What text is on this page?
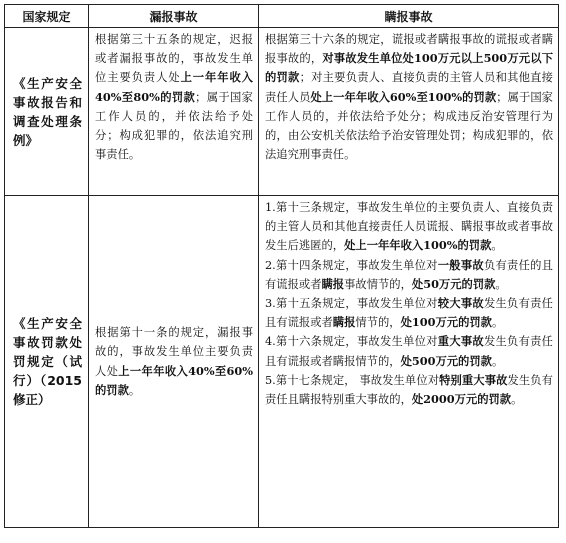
国家规定	漏报事故	瞒报事故

《生产安全事故报告和调查处理条例》	根据第三十五条的规定，迟报或者漏报事故的，事故发生单位主要负责人处上一年年收入40%至80%的罚款；属于国家工作人员的，并依法给予处分；构成犯罪的，依法追究刑事责任。	根据第三十六条的规定，谎报或者瞒报事故的谎报或者瞒报事故的，对事故发生单位处100万元以上500万元以下的罚款；对主要负责人、直接负责的主管人员和其他直接责任人员处上一年年收入60%至100%的罚款；属于国家工作人员的，并依法给予处分；构成违反治安管理行为的，由公安机关依法给予治安管理处罚；构成犯罪的，依法追究刑事责任。

《生产安全事故罚款处罚规定（试行）（2015修正）	根据第十一条的规定，漏报事故的，事故发生单位主要负责人处上一年年收入40%至60%的罚款。	1.第十三条规定，事故发生单位的主要负责人、直接负责的主管人员和其他直接责任人员谎报、瞒报事故或者事故发生后逃匿的，处上一年年收入100%的罚款。

2.第十四条规定，事故发生单位对一般事故负有责任的且有谎报或者瞒报事故情节的，处50万元的罚款。

3.第十五条规定，事故发生单位对较大事故发生负有责任且有谎报或者瞒报情节的，处100万元的罚款。

4.第十六条规定，事故发生单位对重大事故发生负有责任且有谎报或者瞒报情节的，处500万元的罚款。

5.第十七条规定， 事故发生单位对特别重大事故发生负有责任且瞒报特别重大事故的，处2000万元的罚款。
